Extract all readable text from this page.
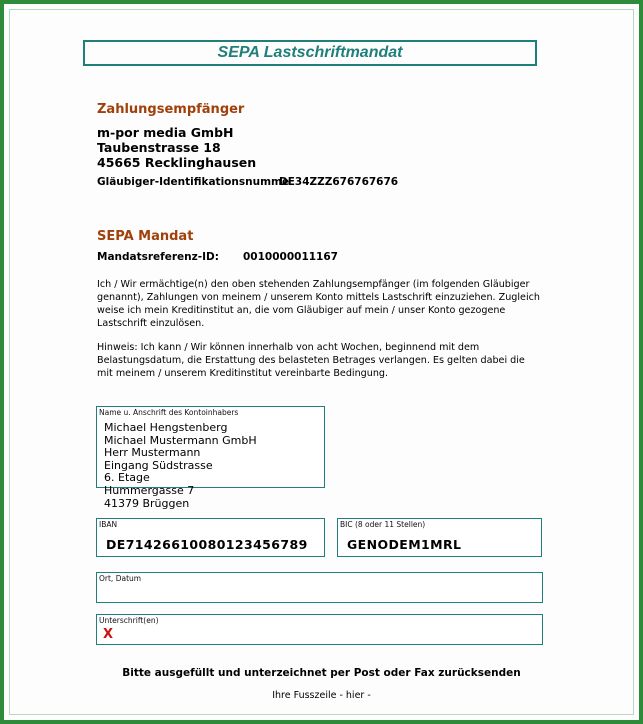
SEPA Lastschriftmandat
Zahlungsempfänger
m-por media GmbH
Taubenstrasse 18
45665 Recklinghausen
Gläubiger-Identifikationsnumme
DE34ZZZ676767676
SEPA Mandat
Mandatsreferenz-ID: 0010000011167
Ich / Wir ermächtige(n) den oben stehenden Zahlungsempfänger (im folgenden Gläubiger genannt), Zahlungen von meinem / unserem Konto mittels Lastschrift einzuziehen. Zugleich weise ich mein Kreditinstitut an, die vom Gläubiger auf mein / unser Konto gezogene Lastschrift einzulösen.
Hinweis: Ich kann / Wir können innerhalb von acht Wochen, beginnend mit dem Belastungsdatum, die Erstattung des belasteten Betrages verlangen. Es gelten dabei die mit meinem / unserem Kreditinstitut vereinbarte Bedingung.
Name u. Anschrift des Kontoinhabers
Michael Hengstenberg
Michael Mustermann GmbH
Herr Mustermann
Eingang Südstrasse
6. Etage
Hummergasse 7
41379 Brüggen
IBAN
DE71426610080123456789
BIC (8 oder 11 Stellen)
GENODEM1MRL
Ort, Datum
Unterschrift(en)
X
Bitte ausgefüllt und unterzeichnet per Post oder Fax zurücksenden
Ihre Fusszeile - hier -
